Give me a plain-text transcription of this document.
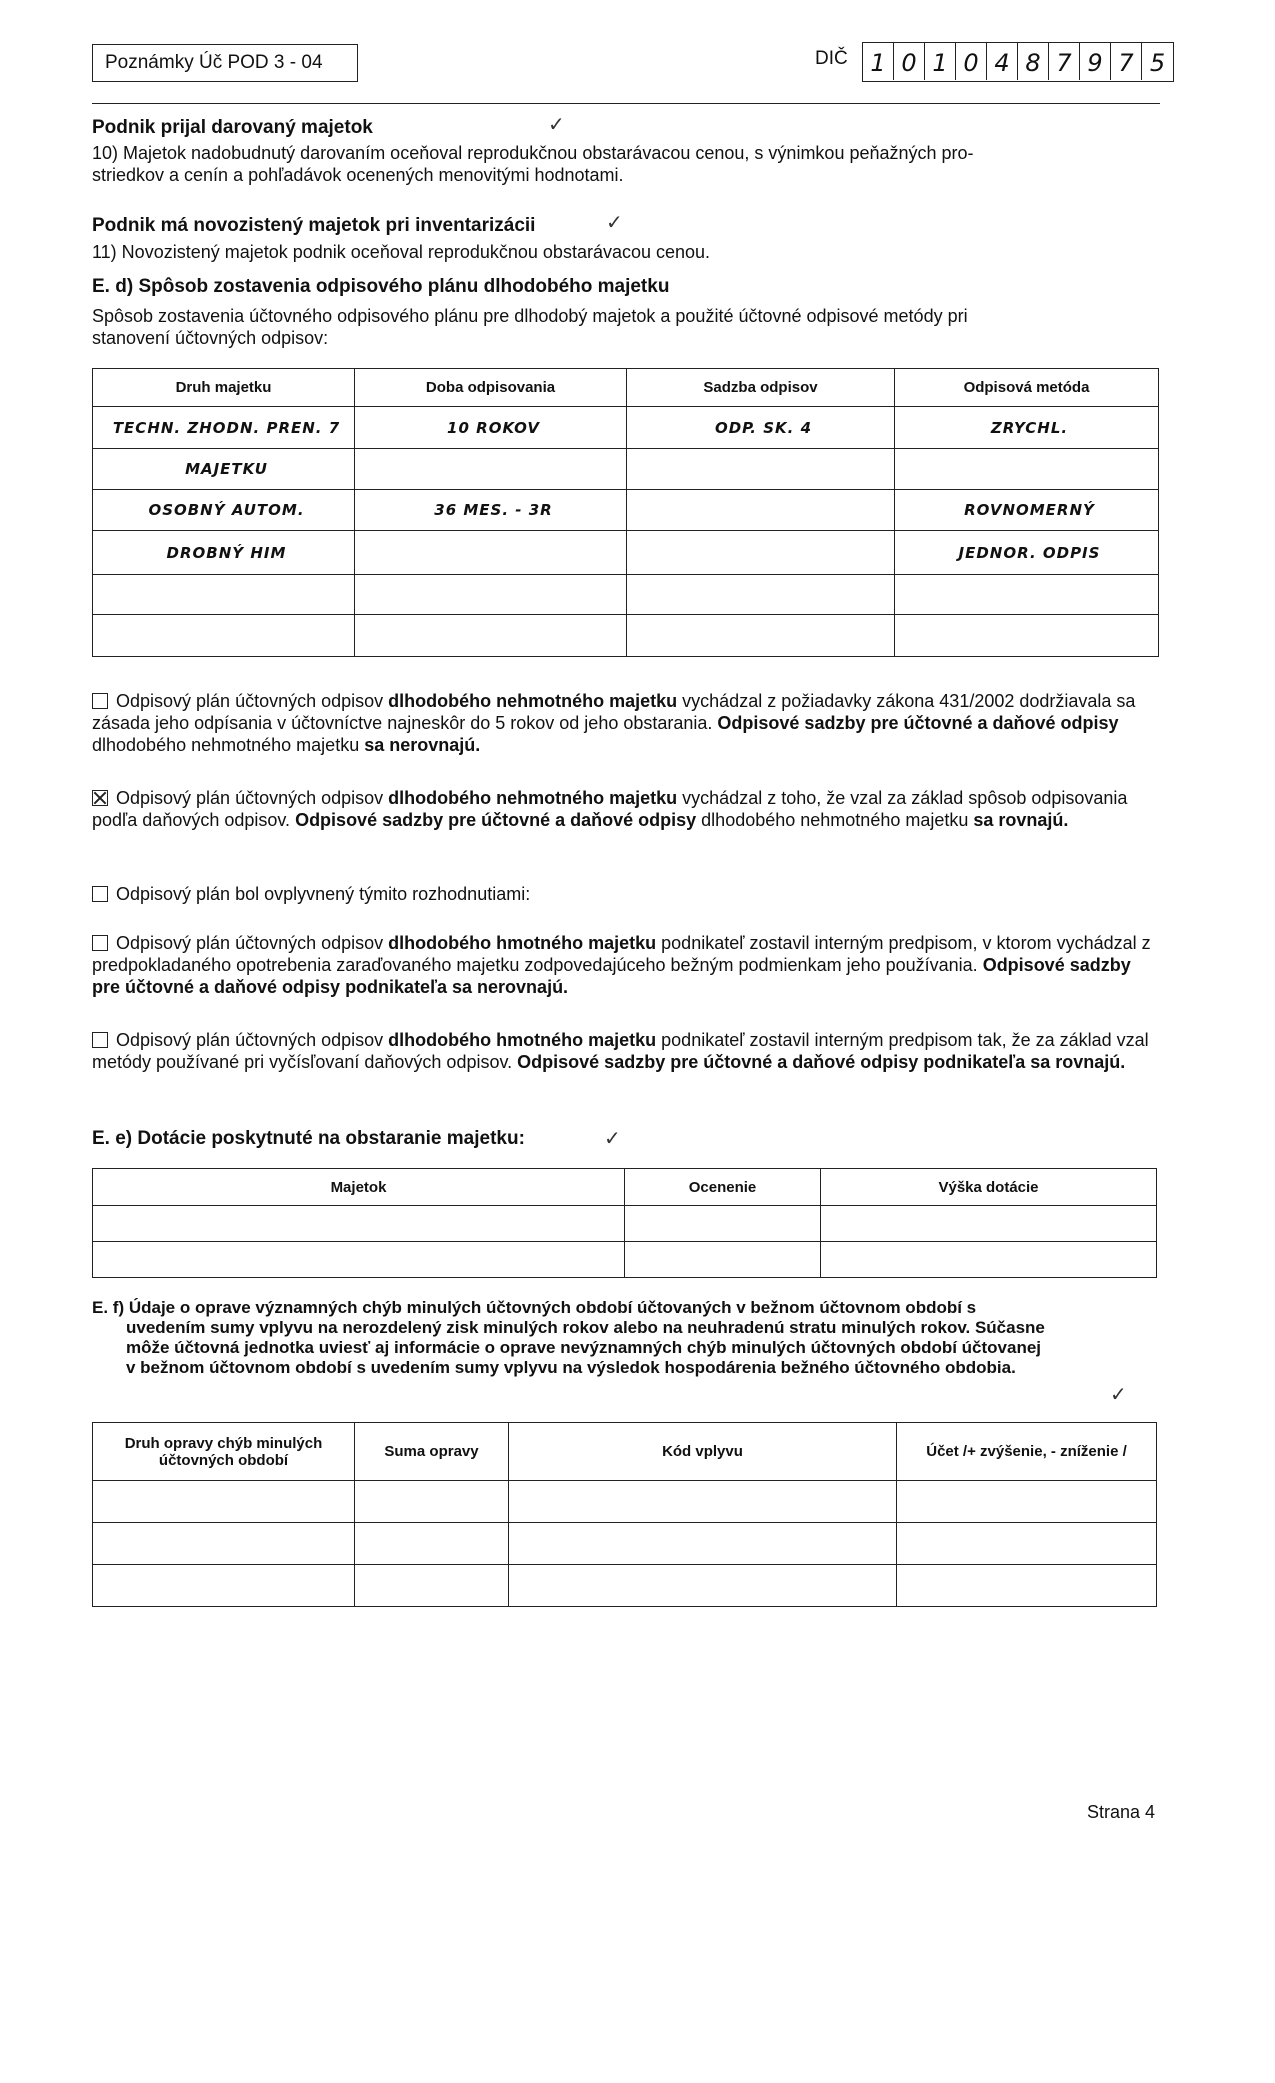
Poznámky Úč POD 3 - 04	DIČ 1 0 1 0 4 8 7 9 7 5
Podnik prijal darovaný majetok	✓
10) Majetok nadobudnutý darovaním oceňoval reprodukčnou obstarávacou cenou, s výnimkou peňažných pro-
striedkov a cenín a pohľadávok ocenených menovitými hodnotami.
Podnik má novozistený majetok pri inventarizácii	✓
11) Novozistený majetok podnik oceňoval reprodukčnou obstarávacou cenou.
E. d) Spôsob zostavenia odpisového plánu dlhodobého majetku
Spôsob zostavenia účtovného odpisového plánu pre dlhodobý majetok a použité účtovné odpisové metódy pri
stanovení účtovných odpisov:
Druh majetku	Doba odpisovania	Sadzba odpisov	Odpisová metóda
TECHN. ZHODN. PREN. 7	10 ROKOV	ODP. SK. 4	ZRYCHL.
MAJETKU			
OSOBNÝ AUTOM.	36 MES. - 3R		ROVNOMERNÝ
DROBNÝ HIM			JEDNOR. ODPIS

Odpisový plán účtovných odpisov dlhodobého nehmotného majetku vychádzal z požiadavky zákona 431/2002 dodržiavala sa zásada jeho odpísania v účtovníctve najneskôr do 5 rokov od jeho obstarania. Odpisové sadzby pre účtovné a daňové odpisy dlhodobého nehmotného majetku sa nerovnajú.
Odpisový plán účtovných odpisov dlhodobého nehmotného majetku vychádzal z toho, že vzal za základ spôsob odpisovania podľa daňových odpisov. Odpisové sadzby pre účtovné a daňové odpisy dlhodobého nehmotného majetku sa rovnajú.
Odpisový plán bol ovplyvnený týmito rozhodnutiami:
Odpisový plán účtovných odpisov dlhodobého hmotného majetku podnikateľ zostavil interným predpisom, v ktorom vychádzal z predpokladaného opotrebenia zaraďovaného majetku zodpovedajúceho bežným podmienkam jeho používania. Odpisové sadzby pre účtovné a daňové odpisy podnikateľa sa nerovnajú.
Odpisový plán účtovných odpisov dlhodobého hmotného majetku podnikateľ zostavil interným predpisom tak, že za základ vzal metódy používané pri vyčísľovaní daňových odpisov. Odpisové sadzby pre účtovné a daňové odpisy podnikateľa sa rovnajú.
E. e) Dotácie poskytnuté na obstaranie majetku:	✓
Majetok	Ocenenie	Výška dotácie

E. f) Údaje o oprave významných chýb minulých účtovných období účtovaných v bežnom účtovnom období s
uvedením sumy vplyvu na nerozdelený zisk minulých rokov alebo na neuhradenú stratu minulých rokov. Súčasne
môže účtovná jednotka uviesť aj informácie o oprave nevýznamných chýb minulých účtovných období účtovanej
v bežnom účtovnom období s uvedením sumy vplyvu na výsledok hospodárenia bežného účtovného obdobia.
✓
Druh opravy chýb minulých účtovných období	Suma opravy	Kód vplyvu	Účet /+ zvýšenie, - zníženie /

Strana 4
